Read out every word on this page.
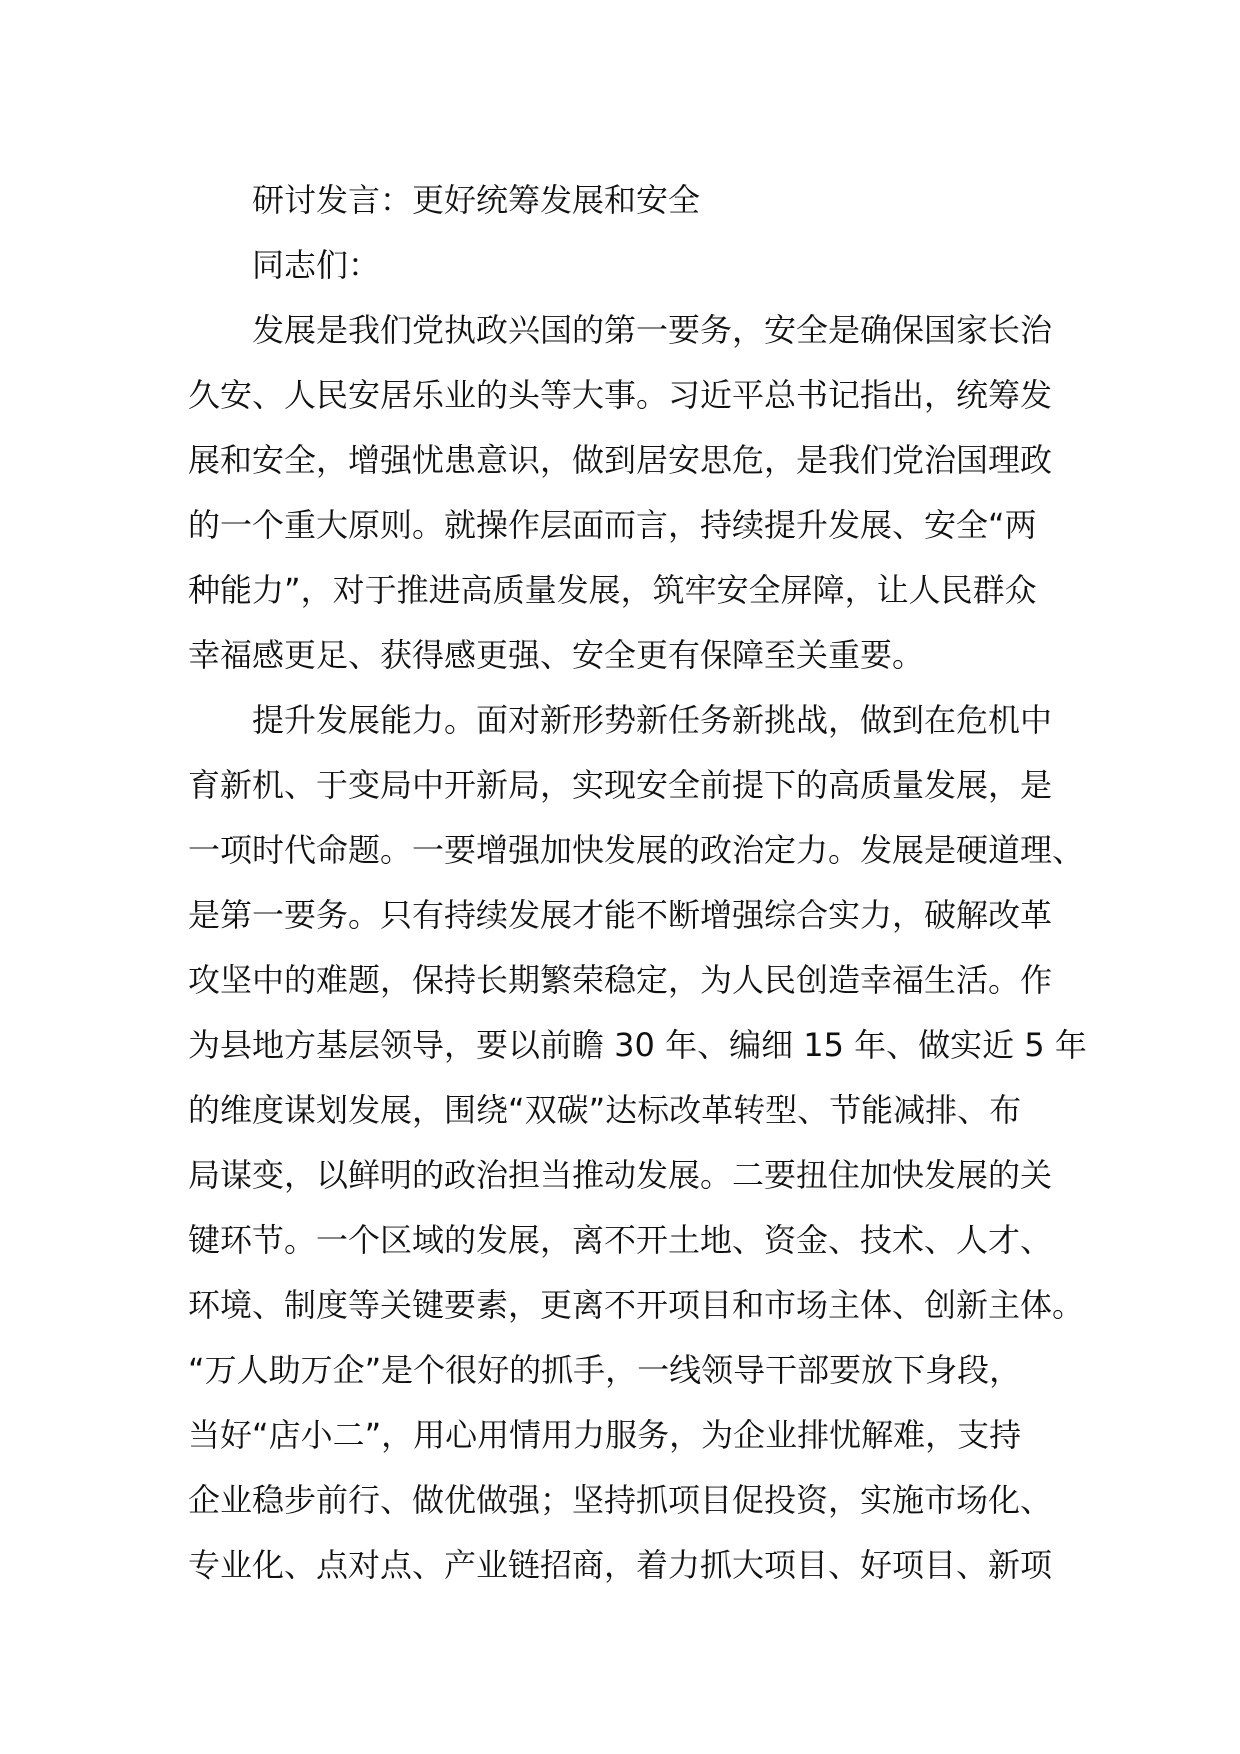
研讨发言：更好统筹发展和安全
同志们：
发展是我们党执政兴国的第一要务，安全是确保国家长治
久安、人民安居乐业的头等大事。习近平总书记指出，统筹发
展和安全，增强忧患意识，做到居安思危，是我们党治国理政
的一个重大原则。就操作层面而言，持续提升发展、安全“两
种能力”，对于推进高质量发展，筑牢安全屏障，让人民群众
幸福感更足、获得感更强、安全更有保障至关重要。
提升发展能力。面对新形势新任务新挑战，做到在危机中
育新机、于变局中开新局，实现安全前提下的高质量发展，是
一项时代命题。一要增强加快发展的政治定力。发展是硬道理、
是第一要务。只有持续发展才能不断增强综合实力，破解改革
攻坚中的难题，保持长期繁荣稳定，为人民创造幸福生活。作
为县地方基层领导，要以前瞻 30 年、编细 15 年、做实近 5 年
的维度谋划发展，围绕“双碳”达标改革转型、节能减排、布
局谋变，以鲜明的政治担当推动发展。二要扭住加快发展的关
键环节。一个区域的发展，离不开土地、资金、技术、人才、
环境、制度等关键要素，更离不开项目和市场主体、创新主体。
“万人助万企”是个很好的抓手，一线领导干部要放下身段，
当好“店小二”，用心用情用力服务，为企业排忧解难，支持
企业稳步前行、做优做强；坚持抓项目促投资，实施市场化、
专业化、点对点、产业链招商，着力抓大项目、好项目、新项
